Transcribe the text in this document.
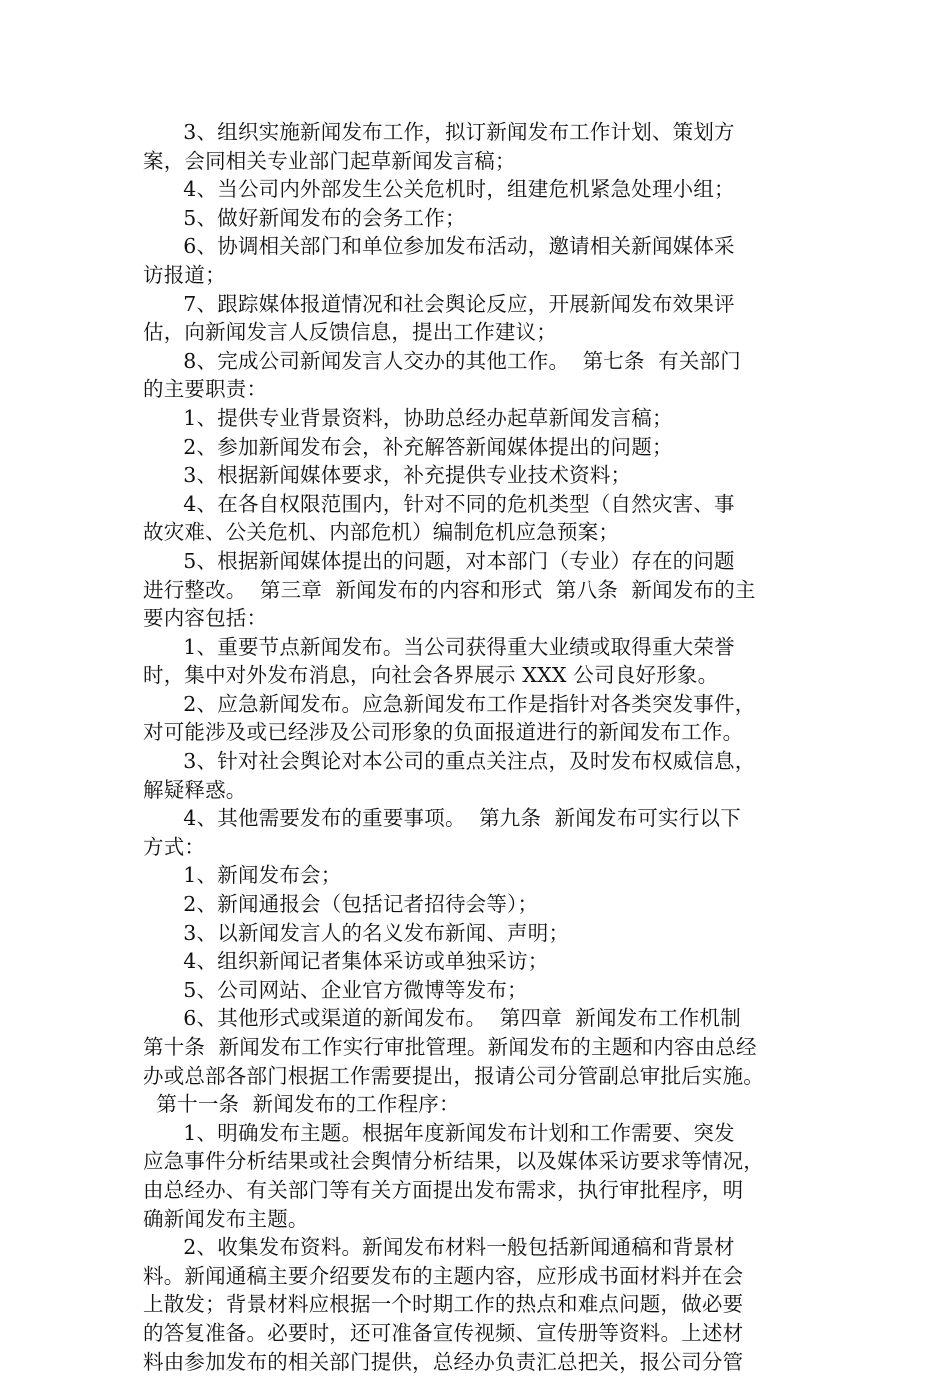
3、组织实施新闻发布工作，拟订新闻发布工作计划、策划方
案，会同相关专业部门起草新闻发言稿；
4、当公司内外部发生公关危机时，组建危机紧急处理小组；
5、做好新闻发布的会务工作；
6、协调相关部门和单位参加发布活动，邀请相关新闻媒体采
访报道；
7、跟踪媒体报道情况和社会舆论反应，开展新闻发布效果评
估，向新闻发言人反馈信息，提出工作建议；
8、完成公司新闻发言人交办的其他工作。  第七条  有关部门
的主要职责：
1、提供专业背景资料，协助总经办起草新闻发言稿；
2、参加新闻发布会，补充解答新闻媒体提出的问题；
3、根据新闻媒体要求，补充提供专业技术资料；
4、在各自权限范围内，针对不同的危机类型（自然灾害、事
故灾难、公关危机、内部危机）编制危机应急预案；
5、根据新闻媒体提出的问题，对本部门（专业）存在的问题
进行整改。  第三章  新闻发布的内容和形式  第八条  新闻发布的主
要内容包括：
1、重要节点新闻发布。当公司获得重大业绩或取得重大荣誉
时，集中对外发布消息，向社会各界展示 XXX 公司良好形象。
2、应急新闻发布。应急新闻发布工作是指针对各类突发事件，
对可能涉及或已经涉及公司形象的负面报道进行的新闻发布工作。
3、针对社会舆论对本公司的重点关注点，及时发布权威信息，
解疑释惑。
4、其他需要发布的重要事项。  第九条  新闻发布可实行以下
方式：
1、新闻发布会；
2、新闻通报会（包括记者招待会等）；
3、以新闻发言人的名义发布新闻、声明；
4、组织新闻记者集体采访或单独采访；
5、公司网站、企业官方微博等发布；
6、其他形式或渠道的新闻发布。  第四章  新闻发布工作机制
第十条  新闻发布工作实行审批管理。新闻发布的主题和内容由总经
办或总部各部门根据工作需要提出，报请公司分管副总审批后实施。
第十一条  新闻发布的工作程序：
1、明确发布主题。根据年度新闻发布计划和工作需要、突发
应急事件分析结果或社会舆情分析结果，以及媒体采访要求等情况，
由总经办、有关部门等有关方面提出发布需求，执行审批程序，明
确新闻发布主题。
2、收集发布资料。新闻发布材料一般包括新闻通稿和背景材
料。新闻通稿主要介绍要发布的主题内容，应形成书面材料并在会
上散发；背景材料应根据一个时期工作的热点和难点问题，做必要
的答复准备。必要时，还可准备宣传视频、宣传册等资料。上述材
料由参加发布的相关部门提供，总经办负责汇总把关，报公司分管
